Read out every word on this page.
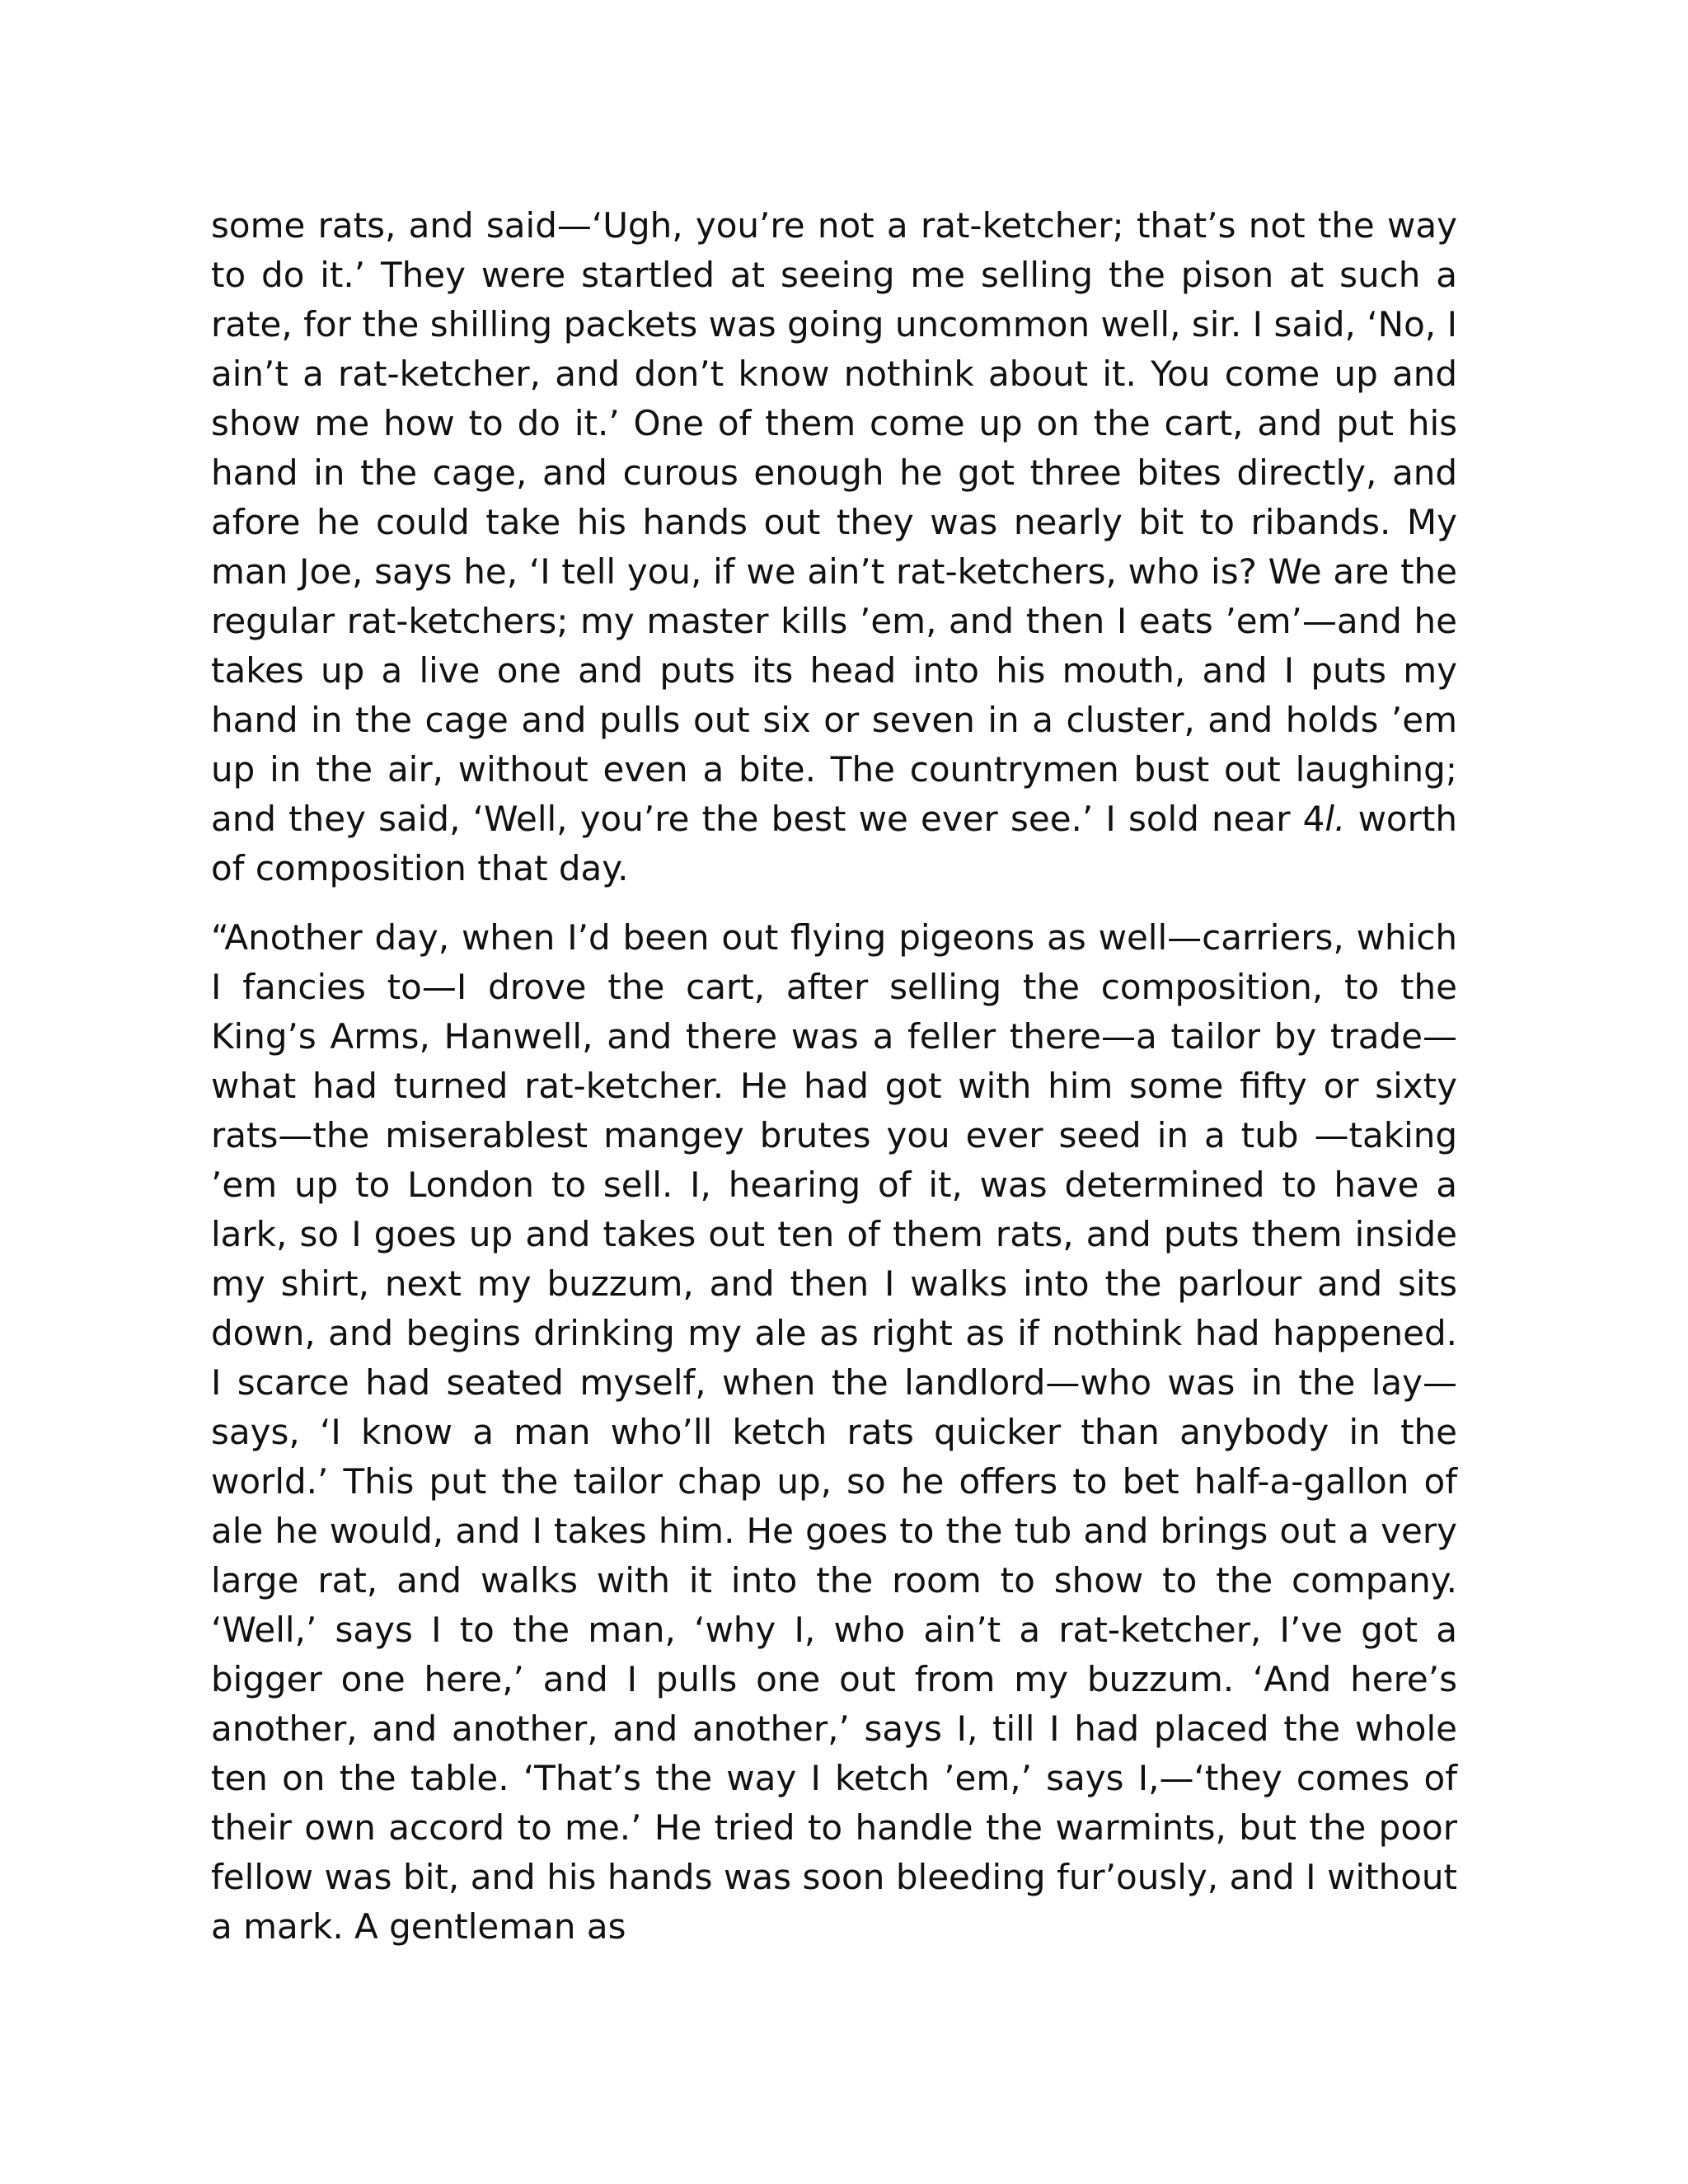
some rats, and said—‘Ugh, you’re not a rat-ketcher; that’s not the way to do it.’ They were startled at seeing me selling the pison at such a rate, for the shilling packets was going uncommon well, sir. I said, ‘No, I ain’t a rat-ketcher, and don’t know nothink about it. You come up and show me how to do it.’ One of them come up on the cart, and put his hand in the cage, and curous enough he got three bites directly, and afore he could take his hands out they was nearly bit to ribands. My man Joe, says he, ‘I tell you, if we ain’t rat-ketchers, who is? We are the regular rat-ketchers; my master kills ’em, and then I eats ’em’—and he takes up a live one and puts its head into his mouth, and I puts my hand in the cage and pulls out six or seven in a cluster, and holds ’em up in the air, without even a bite. The countrymen bust out laughing; and they said, ‘Well, you’re the best we ever see.’ I sold near 4l. worth of composition that day.

“Another day, when I’d been out flying pigeons as well—carriers, which I fancies to—I drove the cart, after selling the composition, to the King’s Arms, Hanwell, and there was a feller there—a tailor by trade—what had turned rat-ketcher. He had got with him some fifty or sixty rats—the miserablest mangey brutes you ever seed in a tub —taking ’em up to London to sell. I, hearing of it, was determined to have a lark, so I goes up and takes out ten of them rats, and puts them inside my shirt, next my buzzum, and then I walks into the parlour and sits down, and begins drinking my ale as right as if nothink had happened. I scarce had seated myself, when the landlord—who was in the lay—says, ‘I know a man who’ll ketch rats quicker than anybody in the world.’ This put the tailor chap up, so he offers to bet half-a-gallon of ale he would, and I takes him. He goes to the tub and brings out a very large rat, and walks with it into the room to show to the company. ‘Well,’ says I to the man, ‘why I, who ain’t a rat-ketcher, I’ve got a bigger one here,’ and I pulls one out from my buzzum. ‘And here’s another, and another, and another,’ says I, till I had placed the whole ten on the table. ‘That’s the way I ketch ’em,’ says I,—‘they comes of their own accord to me.’ He tried to handle the warmints, but the poor fellow was bit, and his hands was soon bleeding fur’ously, and I without a mark. A gentleman as
